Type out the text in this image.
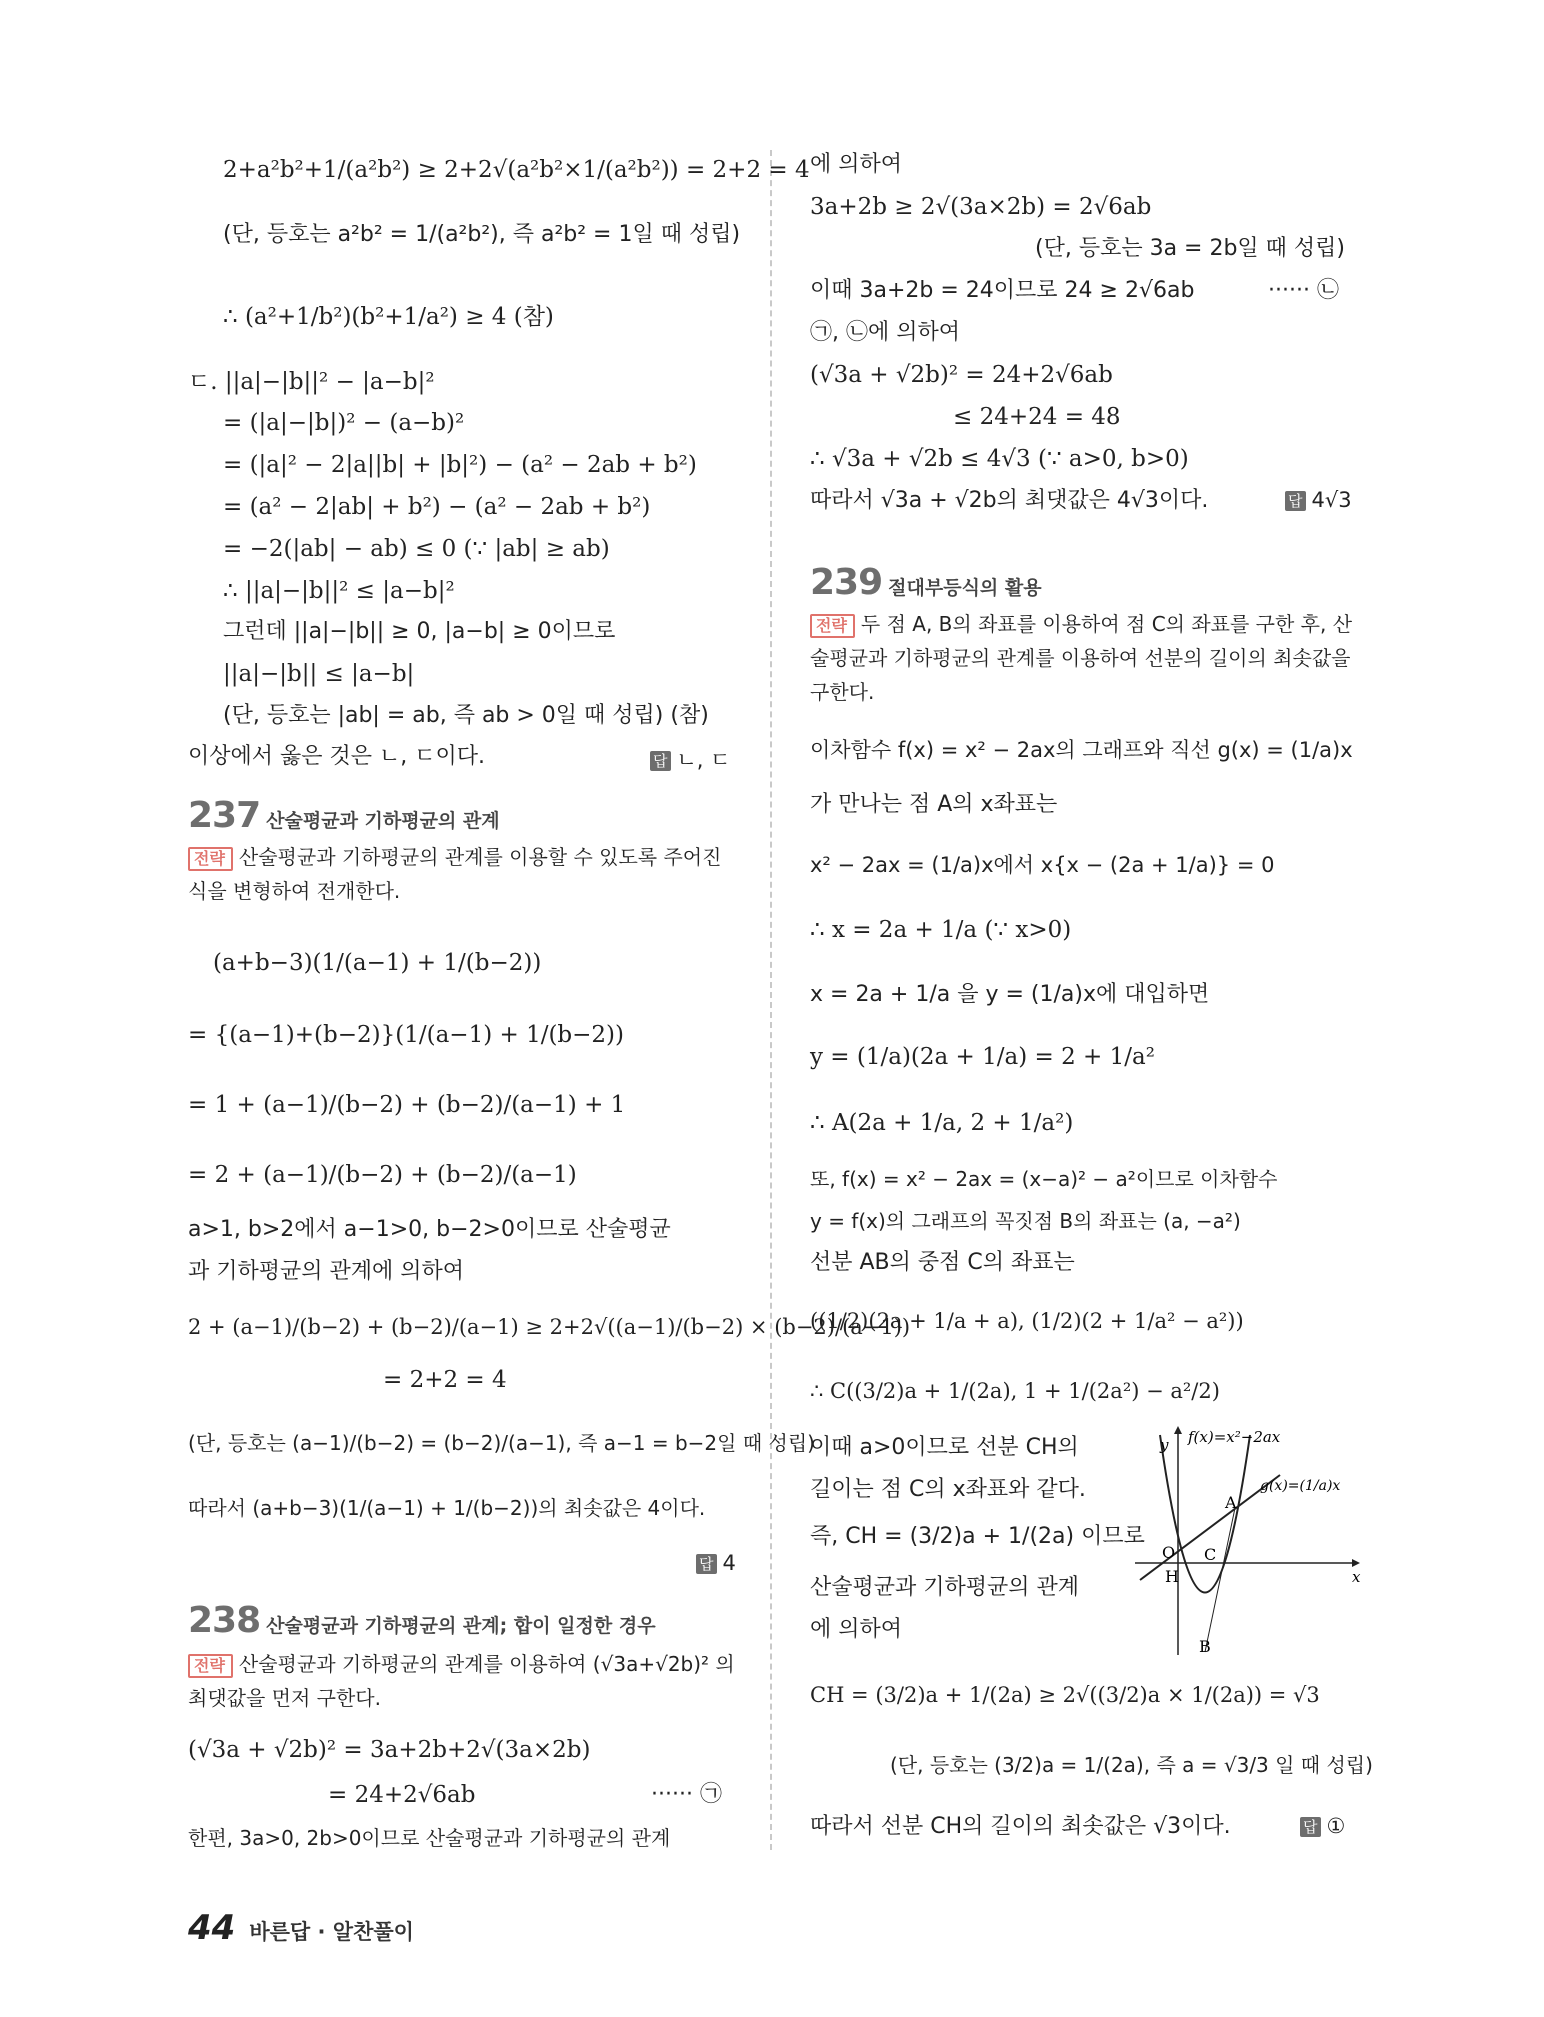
2+a²b²+1/(a²b²) ≥ 2+2√(a²b²×1/(a²b²)) = 2+2 = 4
(단, 등호는 a²b² = 1/(a²b²), 즉 a²b² = 1일 때 성립)
∴ (a²+1/b²)(b²+1/a²) ≥ 4 (참)
ㄷ. ||a|−|b||² − |a−b|²
= (|a|−|b|)² − (a−b)²
= (|a|² − 2|a||b| + |b|²) − (a² − 2ab + b²)
= (a² − 2|ab| + b²) − (a² − 2ab + b²)
= −2(|ab| − ab) ≤ 0 (∵ |ab| ≥ ab)
∴ ||a|−|b||² ≤ |a−b|²
그런데 ||a|−|b|| ≥ 0, |a−b| ≥ 0이므로
||a|−|b|| ≤ |a−b|
(단, 등호는 |ab| = ab, 즉 ab > 0일 때 성립) (참)
이상에서 옳은 것은 ㄴ, ㄷ이다.	답 ㄴ, ㄷ
237 산술평균과 기하평균의 관계
전략 산술평균과 기하평균의 관계를 이용할 수 있도록 주어진 식을 변형하여 전개한다.
(a+b−3)(1/(a−1) + 1/(b−2))
= {(a−1)+(b−2)}(1/(a−1) + 1/(b−2))
= 1 + (a−1)/(b−2) + (b−2)/(a−1) + 1
= 2 + (a−1)/(b−2) + (b−2)/(a−1)
a>1, b>2에서 a−1>0, b−2>0이므로 산술평균
과 기하평균의 관계에 의하여
2 + (a−1)/(b−2) + (b−2)/(a−1) ≥ 2+2√((a−1)/(b−2) × (b−2)/(a−1))
= 2+2 = 4
(단, 등호는 (a−1)/(b−2) = (b−2)/(a−1), 즉 a−1 = b−2일 때 성립)
따라서 (a+b−3)(1/(a−1) + 1/(b−2))의 최솟값은 4이다.
답 4
238 산술평균과 기하평균의 관계; 합이 일정한 경우
전략 산술평균과 기하평균의 관계를 이용하여 (√3a+√2b)² 의 최댓값을 먼저 구한다.
(√3a + √2b)² = 3a+2b+2√(3a×2b)
= 24+2√6ab	······ ㉠
한편, 3a>0, 2b>0이므로 산술평균과 기하평균의 관계
에 의하여
3a+2b ≥ 2√(3a×2b) = 2√6ab
(단, 등호는 3a = 2b일 때 성립)
이때 3a+2b = 24이므로 24 ≥ 2√6ab	······ ㉡
㉠, ㉡에 의하여
(√3a + √2b)² = 24+2√6ab
≤ 24+24 = 48
∴ √3a + √2b ≤ 4√3 (∵ a>0, b>0)
따라서 √3a + √2b의 최댓값은 4√3이다.	답 4√3
239 절대부등식의 활용
전략 두 점 A, B의 좌표를 이용하여 점 C의 좌표를 구한 후, 산술평균과 기하평균의 관계를 이용하여 선분의 길이의 최솟값을 구한다.
이차함수 f(x) = x² − 2ax의 그래프와 직선 g(x) = (1/a)x
가 만나는 점 A의 x좌표는
x² − 2ax = (1/a)x에서 x{x − (2a + 1/a)} = 0
∴ x = 2a + 1/a (∵ x>0)
x = 2a + 1/a 을 y = (1/a)x에 대입하면
y = (1/a)(2a + 1/a) = 2 + 1/a²
∴ A(2a + 1/a, 2 + 1/a²)
또, f(x) = x² − 2ax = (x−a)² − a²이므로 이차함수
y = f(x)의 그래프의 꼭짓점 B의 좌표는 (a, −a²)
선분 AB의 중점 C의 좌표는
((1/2)(2a + 1/a + a), (1/2)(2 + 1/a² − a²))
∴ C((3/2)a + 1/(2a), 1 + 1/(2a²) − a²/2)
이때 a>0이므로 선분 CH의
길이는 점 C의 x좌표와 같다.
즉, CH = (3/2)a + 1/(2a) 이므로
산술평균과 기하평균의 관계
에 의하여
CH = (3/2)a + 1/(2a) ≥ 2√((3/2)a × 1/(2a)) = √3
(단, 등호는 (3/2)a = 1/(2a), 즉 a = √3/3 일 때 성립)
따라서 선분 CH의 길이의 최솟값은 √3이다.	답 ①
y
x
f(x)=x²−2ax
g(x)=(1/a)x
O
H
C
A
B
44 바른답 · 알찬풀이
